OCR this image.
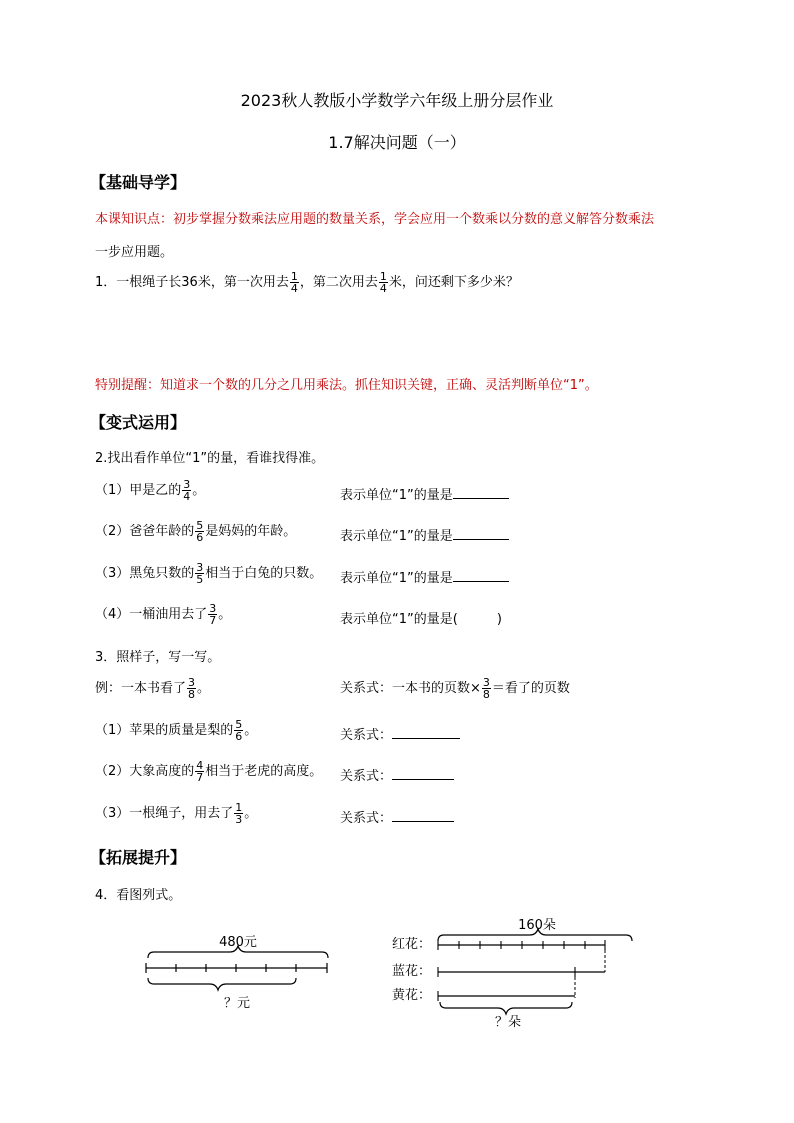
2023秋人教版小学数学六年级上册分层作业
1.7解决问题（一）
【基础导学】
本课知识点：初步掌握分数乘法应用题的数量关系，学会应用一个数乘以分数的意义解答分数乘法
一步应用题。
1．一根绳子长36米，第一次用去 $\frac{1}{4}$ ，第二次用去 $\frac{1}{4}$ 米，问还剩下多少米？
特别提醒：知道求一个数的几分之几用乘法。抓住知识关键，正确、灵活判断单位“1”。
【变式运用】
2.找出看作单位“1”的量，看谁找得准。
（1）甲是乙的 $\frac{3}{4}$ 。	表示单位“1”的量是
（2）爸爸年龄的 $\frac{5}{6}$ 是妈妈的年龄。	表示单位“1”的量是
（3）黑兔只数的 $\frac{3}{5}$ 相当于白兔的只数。 表示单位“1”的量是
（4）一桶油用去了 $\frac{3}{7}$ 。	表示单位“1”的量是(　　　)
3．照样子，写一写。
例：一本书看了 $\frac{3}{8}$ 。	关系式：一本书的页数× $\frac{3}{8}$ ＝看了的页数
（1）苹果的质量是梨的 $\frac{5}{6}$ 。	关系式：
（2）大象高度的 $\frac{4}{7}$ 相当于老虎的高度。 关系式：
（3）一根绳子，用去了 $\frac{1}{3}$ 。	关系式：
【拓展提升】
4．看图列式。
480元
？元
160朵
红花：
蓝花：
黄花：
？朵
